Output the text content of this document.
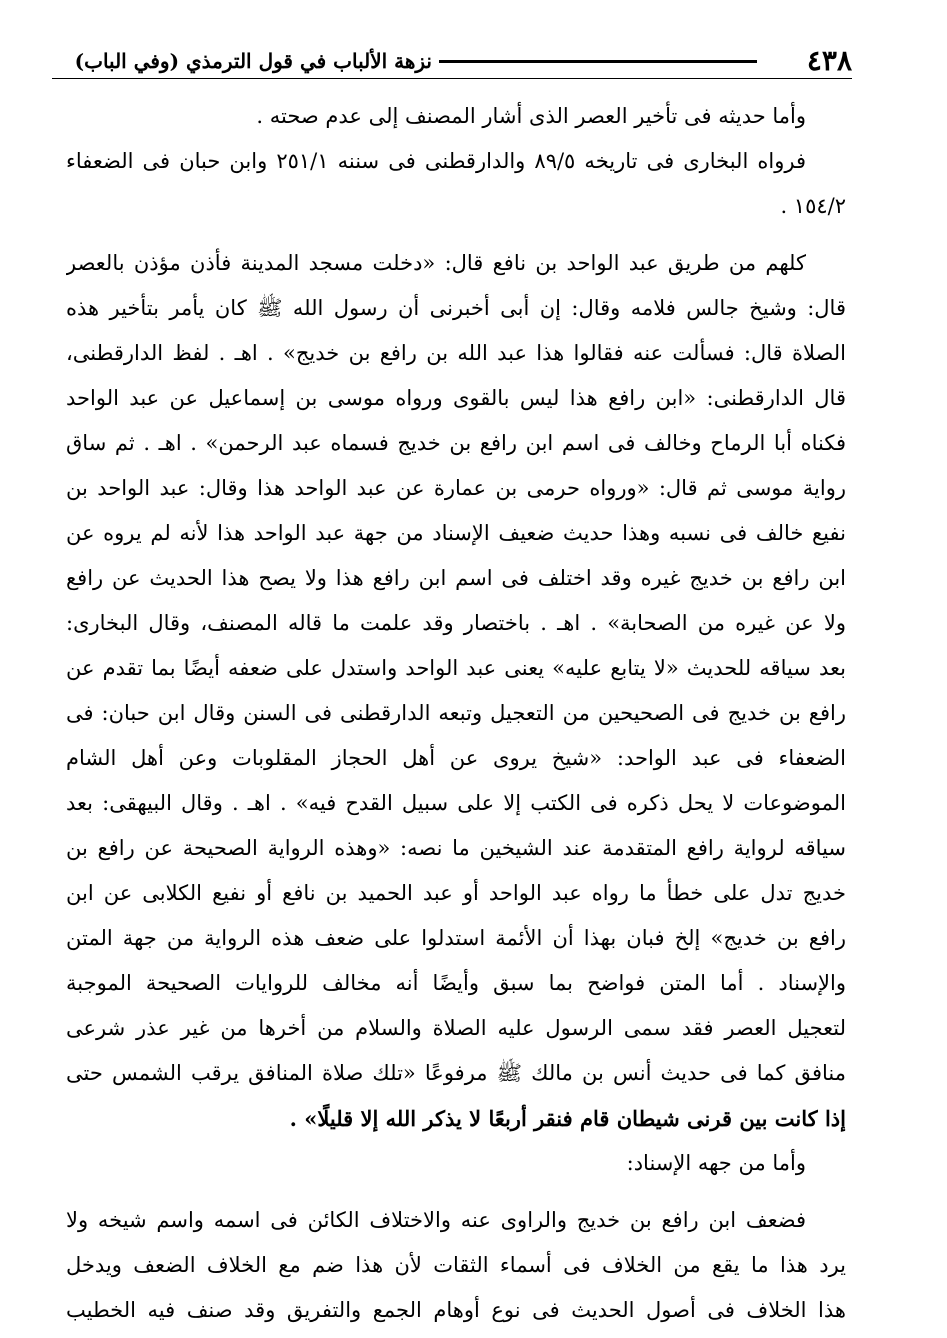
٤٣٨
نزهة الألباب في قول الترمذي (وفي الباب)
وأما حديثه فى تأخير العصر الذى أشار المصنف إلى عدم صحته .
فرواه البخارى فى تاريخه ٨٩/٥ والدارقطنى فى سننه ٢٥١/١ وابن حبان فى الضعفاء
١٥٤/٢ .
كلهم من طريق عبد الواحد بن نافع قال: «دخلت مسجد المدينة فأذن مؤذن بالعصر
قال: وشيخ جالس فلامه وقال: إن أبى أخبرنى أن رسول الله ﷺ كان يأمر بتأخير هذه
الصلاة قال: فسألت عنه فقالوا هذا عبد الله بن رافع بن خديج» . اهـ . لفظ الدارقطنى،
قال الدارقطنى: «ابن رافع هذا ليس بالقوى ورواه موسى بن إسماعيل عن عبد الواحد
فكناه أبا الرماح وخالف فى اسم ابن رافع بن خديج فسماه عبد الرحمن» . اهـ . ثم ساق
رواية موسى ثم قال: «ورواه حرمى بن عمارة عن عبد الواحد هذا وقال: عبد الواحد بن
نفيع خالف فى نسبه وهذا حديث ضعيف الإسناد من جهة عبد الواحد هذا لأنه لم يروه عن
ابن رافع بن خديج غيره وقد اختلف فى اسم ابن رافع هذا ولا يصح هذا الحديث عن رافع
ولا عن غيره من الصحابة» . اهـ . باختصار وقد علمت ما قاله المصنف، وقال البخارى:
بعد سياقه للحديث «لا يتابع عليه» يعنى عبد الواحد واستدل على ضعفه أيضًا بما تقدم عن
رافع بن خديج فى الصحيحين من التعجيل وتبعه الدارقطنى فى السنن وقال ابن حبان: فى
الضعفاء فى عبد الواحد: «شيخ يروى عن أهل الحجاز المقلوبات وعن أهل الشام
الموضوعات لا يحل ذكره فى الكتب إلا على سبيل القدح فيه» . اهـ . وقال البيهقى: بعد
سياقه لرواية رافع المتقدمة عند الشيخين ما نصه: «وهذه الرواية الصحيحة عن رافع بن
خديج تدل على خطأ ما رواه عبد الواحد أو عبد الحميد بن نافع أو نفيع الكلابى عن ابن
رافع بن خديج» إلخ فبان بهذا أن الأئمة استدلوا على ضعف هذه الرواية من جهة المتن
والإسناد . أما المتن فواضح بما سبق وأيضًا أنه مخالف للروايات الصحيحة الموجبة
لتعجيل العصر فقد سمى الرسول عليه الصلاة والسلام من أخرها من غير عذر شرعى
منافق كما فى حديث أنس بن مالك ﷺ مرفوعًا «تلك صلاة المنافق يرقب الشمس حتى
إذا كانت بين قرنى شيطان قام فنقر أربعًا لا يذكر الله إلا قليلًا» .
وأما من جهه الإسناد:
فضعف ابن رافع بن خديج والراوى عنه والاختلاف الكائن فى اسمه واسم شيخه ولا
يرد هذا ما يقع من الخلاف فى أسماء الثقات لأن هذا ضم مع الخلاف الضعف ويدخل
هذا الخلاف فى أصول الحديث فى نوع أوهام الجمع والتفريق وقد صنف فيه الخطيب
